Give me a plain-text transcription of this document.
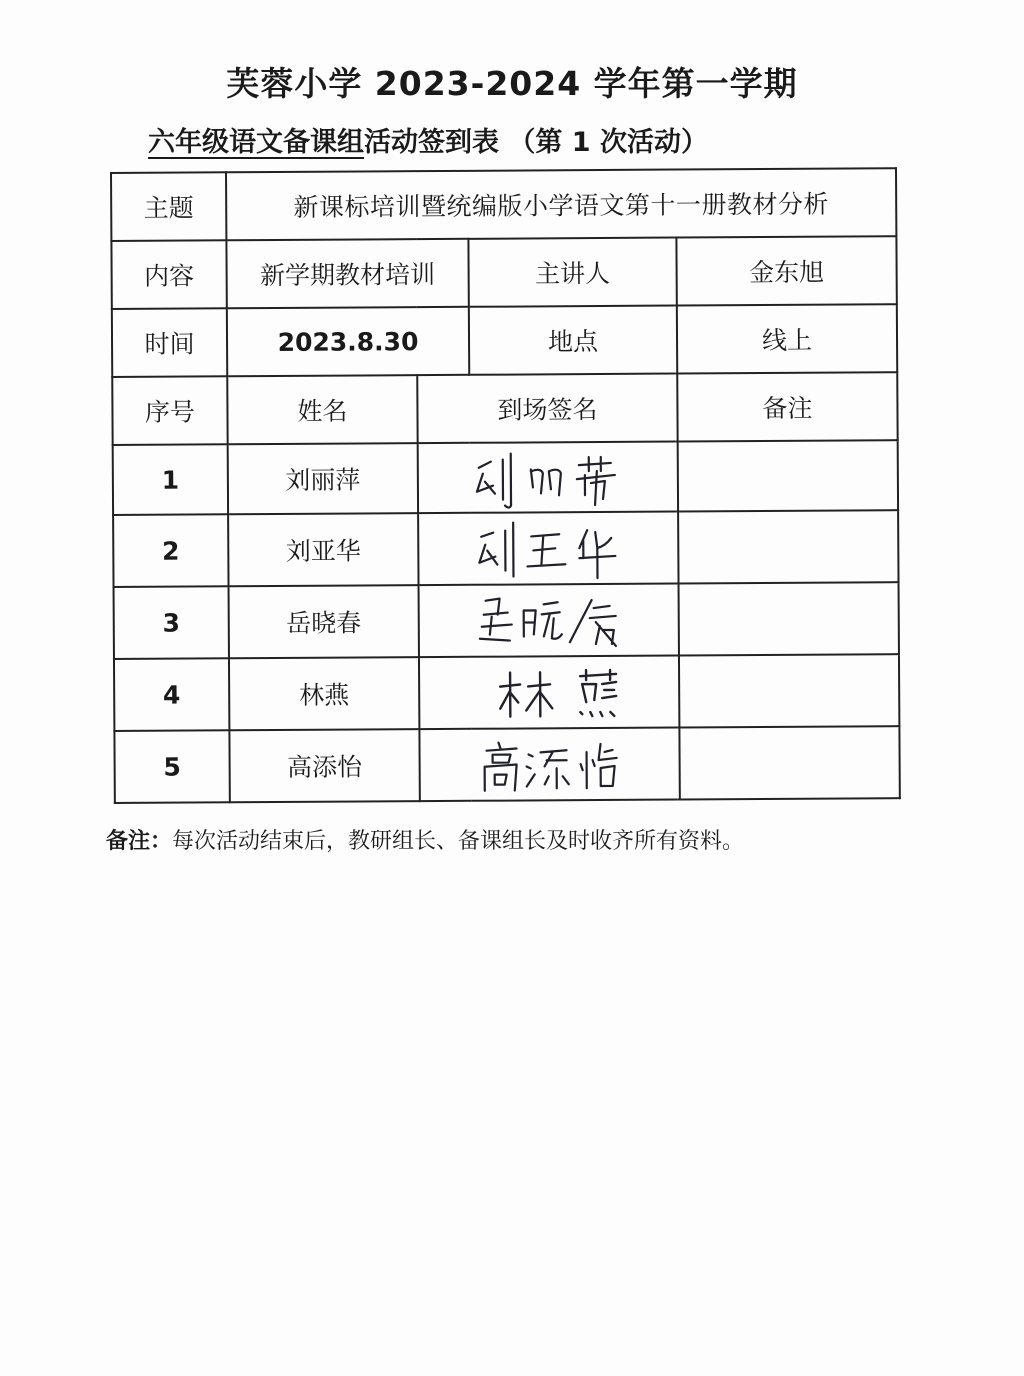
芙蓉小学 2023-2024 学年第一学期
六年级语文备课组活动签到表 （第 1 次活动）
主题	新课标培训暨统编版小学语文第十一册教材分析			
内容	新学期教材培训		主讲人	金东旭
时间	2023.8.30		地点	线上
序号	姓名	到场签名		备注
1	刘丽萍	

2	刘亚华	

3	岳晓春	

4	林燕	

5	高添怡	

备注：每次活动结束后，教研组长、备课组长及时收齐所有资料。
